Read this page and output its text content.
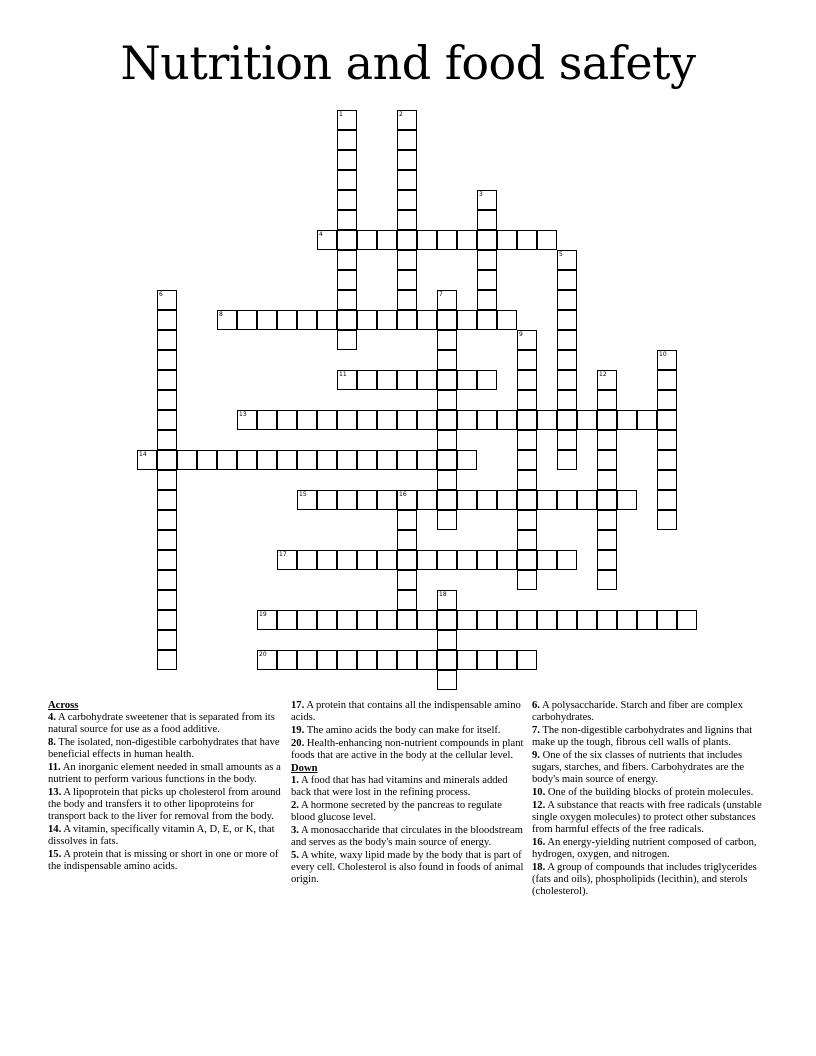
Nutrition and food safety
1	2
3
4
5
6	7
8
9
10
11	12
13
14
15	16
17
18
19
20
Across
4. A carbohydrate sweetener that is separated from its natural source for use as a food additive.
8. The isolated, non-digestible carbohydrates that have beneficial effects in human health.
11. An inorganic element needed in small amounts as a nutrient to perform various functions in the body.
13. A lipoprotein that picks up cholesterol from around the body and transfers it to other lipoproteins for transport back to the liver for removal from the body.
14. A vitamin, specifically vitamin A, D, E, or K, that dissolves in fats.
15. A protein that is missing or short in one or more of the indispensable amino acids.
17. A protein that contains all the indispensable amino acids.
19. The amino acids the body can make for itself.
20. Health-enhancing non-nutrient compounds in plant foods that are active in the body at the cellular level.
Down
1. A food that has had vitamins and minerals added back that were lost in the refining process.
2. A hormone secreted by the pancreas to regulate blood glucose level.
3. A monosaccharide that circulates in the bloodstream and serves as the body's main source of energy.
5. A white, waxy lipid made by the body that is part of every cell. Cholesterol is also found in foods of animal origin.
6. A polysaccharide. Starch and fiber are complex carbohydrates.
7. The non-digestible carbohydrates and lignins that make up the tough, fibrous cell walls of plants.
9. One of the six classes of nutrients that includes sugars, starches, and fibers. Carbohydrates are the body's main source of energy.
10. One of the building blocks of protein molecules.
12. A substance that reacts with free radicals (unstable single oxygen molecules) to protect other substances from harmful effects of the free radicals.
16. An energy-yielding nutrient composed of carbon, hydrogen, oxygen, and nitrogen.
18. A group of compounds that includes triglycerides (fats and oils), phospholipids (lecithin), and sterols (cholesterol).
